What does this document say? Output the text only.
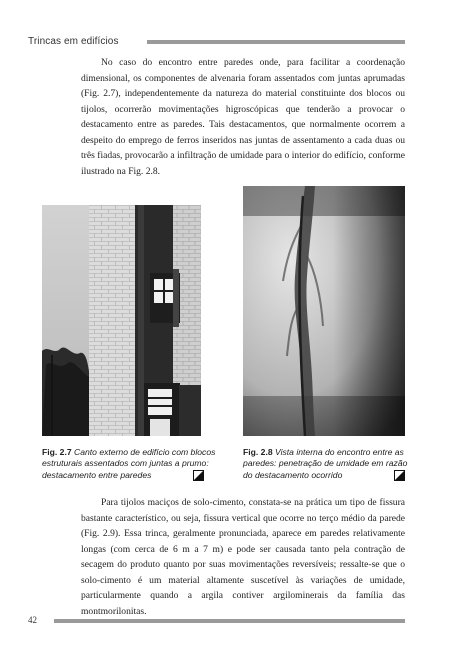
Trincas em edifícios

No caso do encontro entre paredes onde, para facilitar a coordenação dimensional, os componentes de alvenaria foram assentados com juntas aprumadas (Fig. 2.7), independentemente da natureza do material constituinte dos blocos ou tijolos, ocorrerão movimentações higroscópicas que tenderão a provocar o destacamento entre as paredes. Tais destacamentos, que normalmente ocorrem a despeito do emprego de ferros inseridos nas juntas de assentamento a cada duas ou três fiadas, provocarão a infiltração de umidade para o interior do edifício, conforme ilustrado na Fig. 2.8.

Fig. 2.7 Canto externo de edifício com blocos estruturais assentados com juntas a prumo: destacamento entre paredes
Fig. 2.8 Vista interna do encontro entre as paredes: penetração de umidade em razão do destacamento ocorrido

Para tijolos maciços de solo-cimento, constata-se na prática um tipo de fissura bastante característico, ou seja, fissura vertical que ocorre no terço médio da parede (Fig. 2.9). Essa trinca, geralmente pronunciada, aparece em paredes relativamente longas (com cerca de 6 m a 7 m) e pode ser causada tanto pela contração de secagem do produto quanto por suas movimentações reversíveis; ressalte-se que o solo-cimento é um material altamente suscetível às variações de umidade, particularmente quando a argila contiver argilominerais da família das montmorilonitas.

42
